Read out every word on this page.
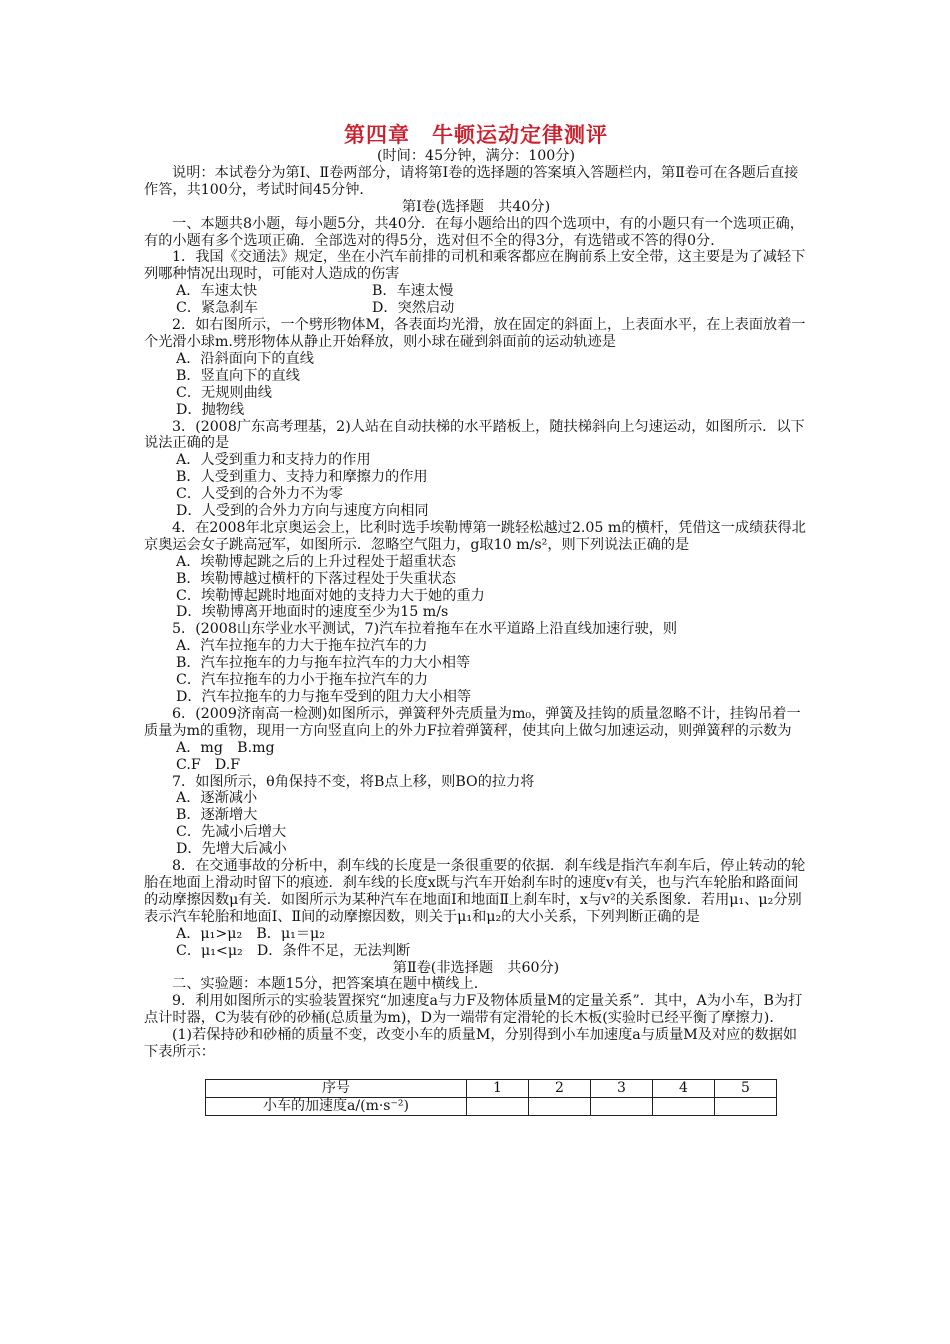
第四章　牛顿运动定律测评

(时间：45分钟，满分：100分)

说明：本试卷分为第Ⅰ、Ⅱ卷两部分，请将第Ⅰ卷的选择题的答案填入答题栏内，第Ⅱ卷可在各题后直接作答，共100分，考试时间45分钟．

第Ⅰ卷(选择题　共40分)

一、本题共8小题，每小题5分，共40分．在每小题给出的四个选项中，有的小题只有一个选项正确，有的小题有多个选项正确．全部选对的得5分，选对但不全的得3分，有选错或不答的得0分．

1．我国《交通法》规定，坐在小汽车前排的司机和乘客都应在胸前系上安全带，这主要是为了减轻下列哪种情况出现时，可能对人造成的伤害

A．车速太快	B．车速太慢
C．紧急刹车	D．突然启动

2．如右图所示，一个劈形物体M，各表面均光滑，放在固定的斜面上，上表面水平，在上表面放着一个光滑小球m.劈形物体从静止开始释放，则小球在碰到斜面前的运动轨迹是

A．沿斜面向下的直线

B．竖直向下的直线

C．无规则曲线

D．抛物线

3．(2008广东高考理基，2)人站在自动扶梯的水平踏板上，随扶梯斜向上匀速运动，如图所示．以下说法正确的是

A．人受到重力和支持力的作用

B．人受到重力、支持力和摩擦力的作用

C．人受到的合外力不为零

D．人受到的合外力方向与速度方向相同

4．在2008年北京奥运会上，比利时选手埃勒博第一跳轻松越过2.05 m的横杆，凭借这一成绩获得北京奥运会女子跳高冠军，如图所示．忽略空气阻力，g取10 m/s²，则下列说法正确的是

A．埃勒博起跳之后的上升过程处于超重状态

B．埃勒博越过横杆的下落过程处于失重状态

C．埃勒博起跳时地面对她的支持力大于她的重力

D．埃勒博离开地面时的速度至少为15 m/s

5．(2008山东学业水平测试，7)汽车拉着拖车在水平道路上沿直线加速行驶，则

A．汽车拉拖车的力大于拖车拉汽车的力

B．汽车拉拖车的力与拖车拉汽车的力大小相等

C．汽车拉拖车的力小于拖车拉汽车的力

D．汽车拉拖车的力与拖车受到的阻力大小相等

6．(2009济南高一检测)如图所示，弹簧秤外壳质量为m₀，弹簧及挂钩的质量忽略不计，挂钩吊着一质量为m的重物，现用一方向竖直向上的外力F拉着弹簧秤，使其向上做匀加速运动，则弹簧秤的示数为

A．mg　B.mg

C.F　D.F

7．如图所示，θ角保持不变，将B点上移，则BO的拉力将

A．逐渐减小

B．逐渐增大

C．先减小后增大

D．先增大后减小

8．在交通事故的分析中，刹车线的长度是一条很重要的依据．刹车线是指汽车刹车后，停止转动的轮胎在地面上滑动时留下的痕迹．刹车线的长度x既与汽车开始刹车时的速度v有关，也与汽车轮胎和路面间的动摩擦因数μ有关．如图所示为某种汽车在地面Ⅰ和地面Ⅱ上刹车时，x与v²的关系图象．若用μ₁、μ₂分别表示汽车轮胎和地面Ⅰ、Ⅱ间的动摩擦因数，则关于μ₁和μ₂的大小关系，下列判断正确的是

A．μ₁>μ₂　B．μ₁＝μ₂

C．μ₁<μ₂　D．条件不足，无法判断

第Ⅱ卷(非选择题　共60分)

二、实验题：本题15分，把答案填在题中横线上．

9．利用如图所示的实验装置探究“加速度a与力F及物体质量M的定量关系”．其中，A为小车，B为打点计时器，C为装有砂的砂桶(总质量为m)，D为一端带有定滑轮的长木板(实验时已经平衡了摩擦力)．

(1)若保持砂和砂桶的质量不变，改变小车的质量M，分别得到小车加速度a与质量M及对应的数据如下表所示：

序号	1	2	3	4	5
小车的加速度a/(m·s⁻²)					
